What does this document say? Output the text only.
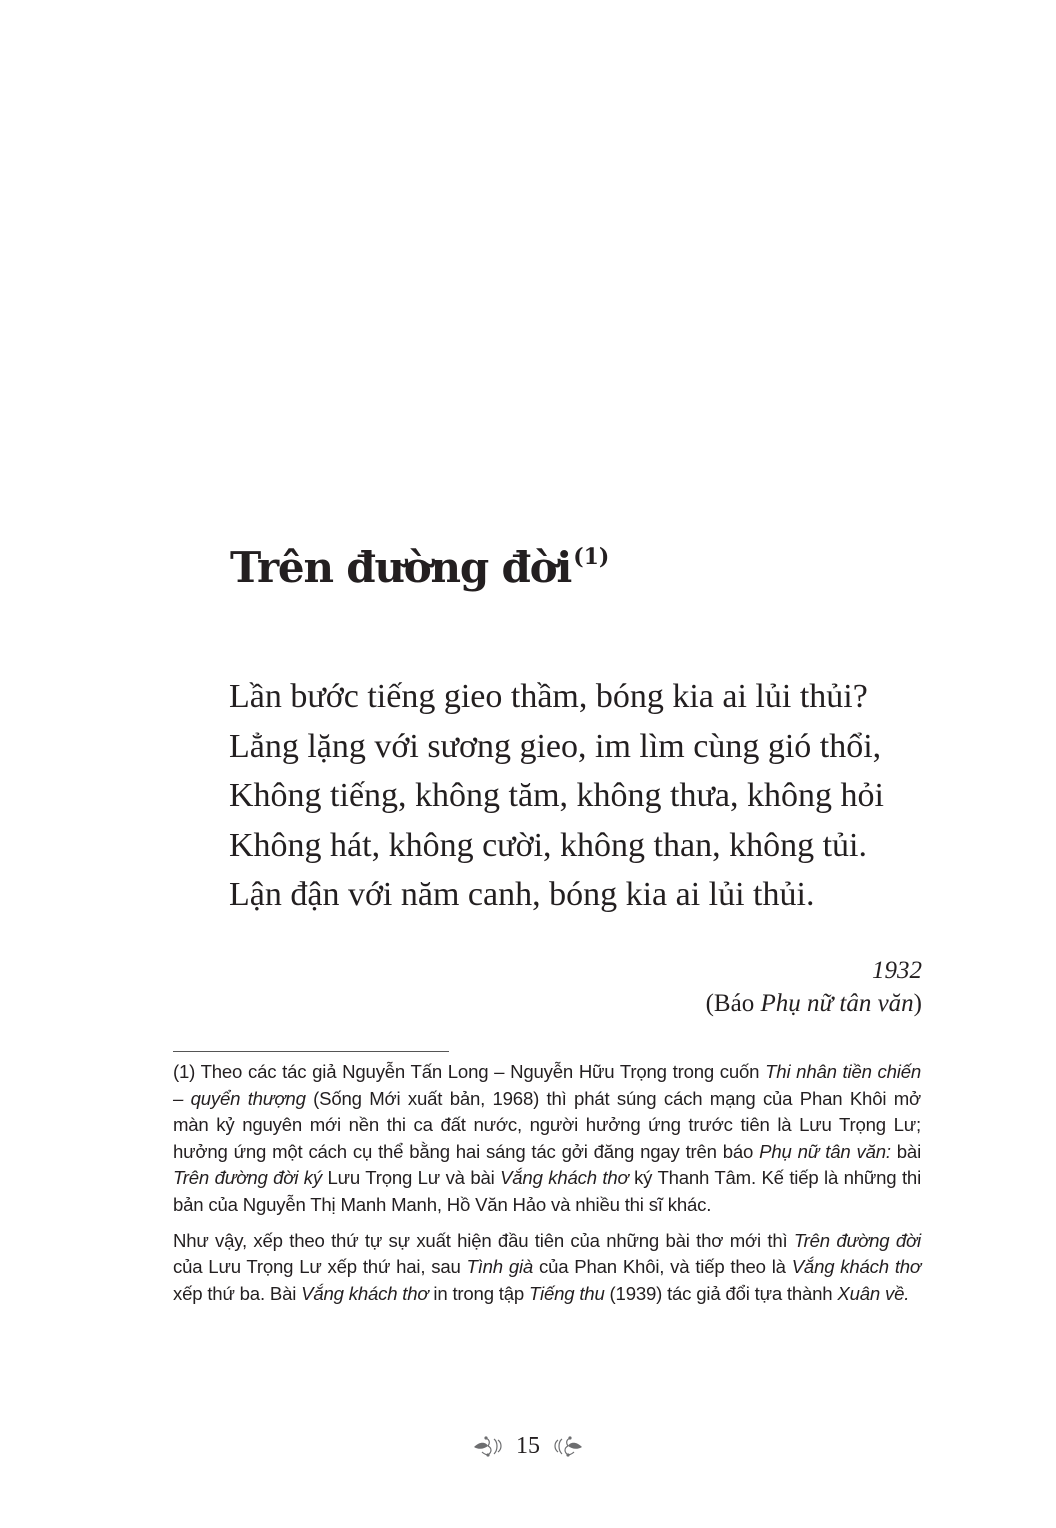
Trên đường đời$^{(1)}$
Lần bước tiếng gieo thầm, bóng kia ai lủi thủi?
Lẳng lặng với sương gieo, im lìm cùng gió thổi,
Không tiếng, không tăm, không thưa, không hỏi
Không hát, không cười, không than, không tủi.
Lận đận với năm canh, bóng kia ai lủi thủi.
1932
(Báo Phụ nữ tân văn)

(1) Theo các tác giả Nguyễn Tấn Long – Nguyễn Hữu Trọng trong cuốn Thi nhân tiền chiến – quyển thượng (Sống Mới xuất bản, 1968) thì phát súng cách mạng của Phan Khôi mở màn kỷ nguyên mới nền thi ca đất nước, người hưởng ứng trước tiên là Lưu Trọng Lư; hưởng ứng một cách cụ thể bằng hai sáng tác gởi đăng ngay trên báo Phụ nữ tân văn: bài Trên đường đời ký Lưu Trọng Lư và bài Vắng khách thơ ký Thanh Tâm. Kế tiếp là những thi bản của Nguyễn Thị Manh Manh, Hồ Văn Hảo và nhiều thi sĩ khác.

Như vậy, xếp theo thứ tự sự xuất hiện đầu tiên của những bài thơ mới thì Trên đường đời của Lưu Trọng Lư xếp thứ hai, sau Tình già của Phan Khôi, và tiếp theo là Vắng khách thơ xếp thứ ba. Bài Vắng khách thơ in trong tập Tiếng thu (1939) tác giả đổi tựa thành Xuân về.

15
